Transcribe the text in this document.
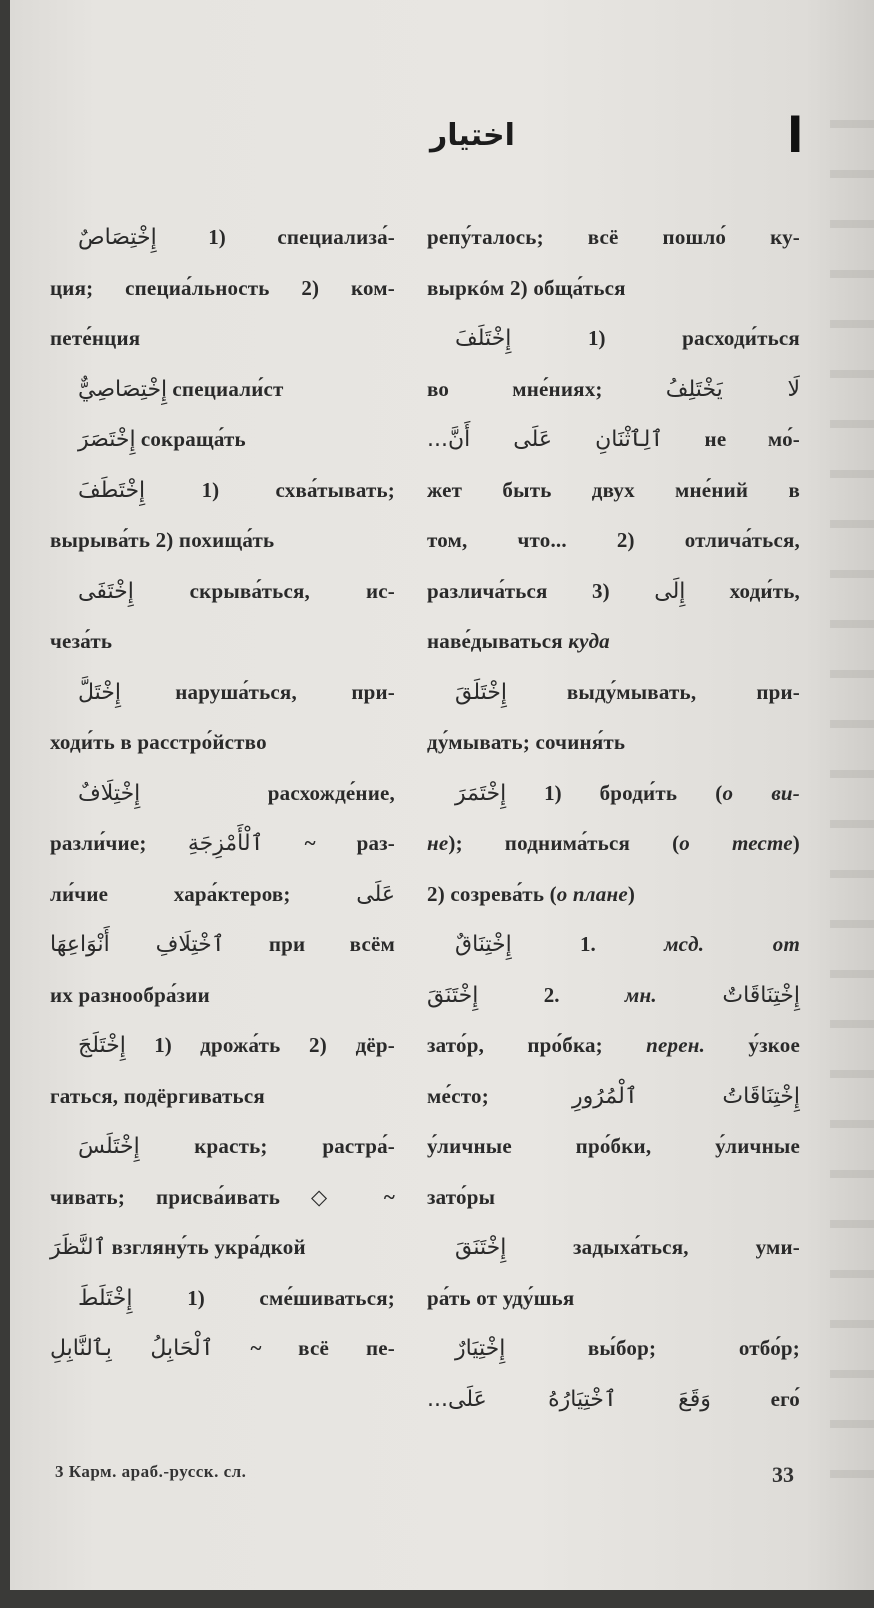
اختيار	ا
إِخْتِصَاصٌ 1) специализа́-
ция; специа́льность 2) ком-
пете́нция
إِخْتِصَاصِيٌّ специали́ст
إِخْتَصَرَ сокраща́ть
إِخْتَطَفَ 1) схва́тывать;
вырыва́ть 2) похища́ть
إِخْتَفَى скрыва́ться, ис-
чеза́ть
إِخْتَلَّ наруша́ться, при-
ходи́ть в расстро́йство
إِخْتِلَافٌ расхожде́ние,
разли́чие; ٱلْأَمْزِجَةِ ~ раз-
ли́чие хара́ктеров; عَلَى
ٱخْتِلَافِ أَنْوَاعِهَا при всём
их разнообра́зии
إِخْتَلَجَ 1) дрожа́ть 2) дёр-
гаться, подёргиваться
إِخْتَلَسَ красть; растра́-
чивать; присва́ивать ◇ ~
ٱلنَّظَرَ взгляну́ть укра́дкой
إِخْتَلَطَ 1) сме́шиваться;
ٱلْحَابِلُ بِٱلنَّابِلِ ~ всё пе-
репу́талось; всё пошло́ ку-
выркóм 2) обща́ться
إِخْتَلَفَ 1) расходи́ться
во мне́ниях; لَا يَخْتَلِفُ
ٱلِٱثْنَانِ عَلَى أَنَّ... не мо́-
жет быть двух мне́ний в
том, что... 2) отлича́ться,
различа́ться 3) إِلَى ходи́ть,
наве́дываться куда
إِخْتَلَقَ выду́мывать, при-
ду́мывать; сочиня́ть
إِخْتَمَرَ 1) броди́ть (о ви-
не); поднима́ться (о тесте)
2) созрева́ть (о плане)
إِخْتِنَاقٌ 1. мсд.	от
إِخْتَنَقَ 2. мн.	إِخْتِنَاقَاتٌ
зато́р, про́бка; перен. у́зкое
ме́сто; إِخْتِنَاقَاتُ ٱلْمُرُورِ
у́личные про́бки, у́личные
зато́ры
إِخْتَنَقَ задыха́ться, уми-
ра́ть от уду́шья
إِخْتِيَارٌ вы́бор; отбо́р;
وَقَعَ ٱخْتِيَارُهُ عَلَى... его́
3 Карм. араб.-русск. сл.	33
